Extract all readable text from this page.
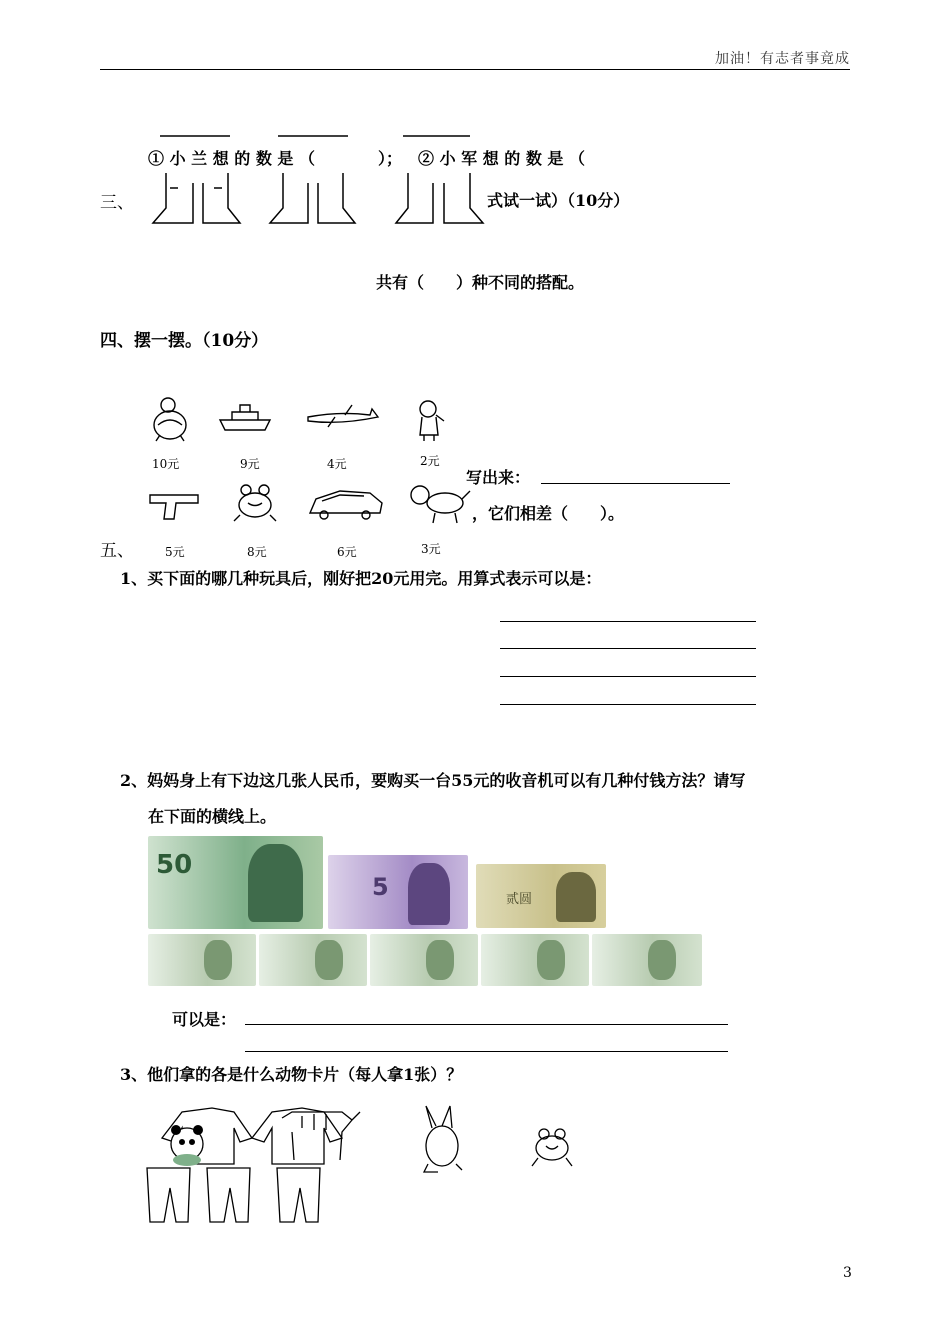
加油！有志者事竟成
① 小 兰 想 的 数 是 （	）； ② 小 军 想 的 数 是 （
三、	式试一试）（10分）
共有（　　）种不同的搭配。
四、摆一摆。（10分）
10元	9元	4元	2元
5元	8元	6元	3元
写出来：
，它们相差（　　）。
五、
1、买下面的哪几种玩具后，刚好把20元用完。用算式表示可以是：
2、妈妈身上有下边这几张人民币，要购买一台55元的收音机可以有几种付钱方法？请写
在下面的横线上。
50
5	贰圆
可以是：
3、他们拿的各是什么动物卡片（每人拿1张）？
3
